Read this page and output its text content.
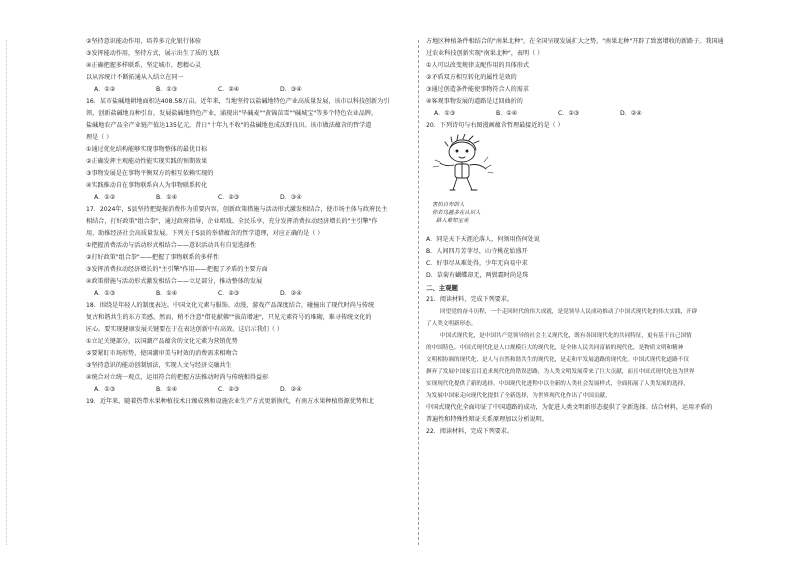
②坚持意识能动作用，培养多元化银行体验
③发挥能动作用，坚持方式，展示出生了质的飞跃
④正确把握多样联系，坚定城市、想精心灵
以从容统计不断拓通从入结立在同一
A．①②	B．①③	C．②④	D．③④
16．某市盐碱地耕地面积达408.58万亩。近年来，当地坚持以盐碱地特色产业高质量发展，该市以科技创新为引
领，创新盐碱地良种引育，发展盐碱地特色产业，涌现出"旱碱麦""黄锦苗雪""碱城宝"等多个特色农业品牌，
盐碱地农产品全产业链产值达135亿元，昔日"十年九不收"的盐碱地也成沃野良田。该市做法蕴含的哲学道
理是（ ）
①通过优化结构能够实现事物整体的最优目标
②正确发挥主观能动性能实现实践的预期效果
③事物发展是在事物平衡双方的相互依赖实现的
④实践推动自在事物联系向人为事物联系转化
A．①②	B．①④	C．②③	D．③④
17．2024年，S县坚持把提振消费作为重要内容，创新政策措施与活动形式激发相结合，使市场主体与政府民主
相结合，打好政策"组合拳"，通过政府指导，企业唱戏、全民乐享，充分发挥消费拉动经济增长的"主引擎"作
用，助推经济社会高质量发展。下列关于S县的举措蕴含的哲学道理，对应正确的是（ ）
①把握消费活动与活动形式相结合——意识活动具有自觉选择性
②打好政策"组合拳"——把握了事物联系的多样性
③发挥消费拉动经济增长的"主引擎"作用——把握了矛盾的主要方面
④政策措施与活动形式激发相结合——立足部分，推动整体的发展
A．①③	B．①④	C．②③	D．②④
18．围绕是年轻人的制度表达。中国文化元素与服饰、动漫、游戏产品深度结合，碰撞出了现代时尚与传统
复古和谐共生的东方美感。然而，稍不注意"借花献佛""拔苗增速"，只见元素符号的堆砌，难寻传统文化的
匠心。要实现健康发展关键要在于在表达创新中有高效。这启示我们（ ）
①立足关键部分，以国潮产品蕴含的文化元素为营销优势
②要紧盯市场形势，使国潮审美与时效的消费需求相吻合
③坚持意识的能动创制加法，实现人文与经济交融共生
④统合对立统一观点，运用符合的把握方法推动时尚与传统相得益彰
A．①③	B．①④	C．②③	D．②④
19．近年来，随着热带水果种植技术日臻成熟和设施农业生产方式更新换代，有南方水果种植资源优势和北
方地区种植条件相结合的"南果北种"，在全国呈现发展扩大之势。"南果北种"开辟了致富增收的新路子。我国通
过农业科技创新实现"南果北种"，表明（ ）
①人可以改变规律支配作用的具体形式
②矛盾双方相互转化的属性是效的
③通过创造条件能使事物符合人的需求
④客观事物发展的道路是迂回曲折的
A．①③	B．①④	C．②③	D．②④
20．下列诗句与右图漫画蕴含哲理最接近的是（ ）
害怕自卑的人
你若鸟越多在认识人
路人难知宝美
A．同是天下天涯沦落人，何须用伤何处说
B．人间四月芳菲尽，山寺桃花始盛开
C．好事尽从难处得，少年无向易中求
D．草菊有蝴蝶却无，两鬓霜时尚是珠
二、主观题
21．阅读材料，完成下列要求。
回望党的奋斗历程，一个走回时代的伟大成就，是党领导人民成功推动了中国式现代化的伟大实践，开辟
了人类文明新形态。
中国式现代化，是中国共产党领导的社会主义现代化，既有各国现代化的共同特征，更有基于自己国情
的中国特色。中国式现代化是人口规模巨大的现代化，是全体人民共同富裕的现代化，是物质文明和精神
文明相协调的现代化，是人与自然和谐共生的现代化，是走和平发展道路的现代化。中国式现代化道路不仅
摒弃了发展中国家盲目追求现代化的错误思路，为人类文明发展带来了巨大贡献，而且中国式现代化也为世界
实现现代化提供了新的选择。中国现代化进程中以全新的人类社会发展样式，全面拓展了人类发展的选择，
为发展中国家走向现代化提供了全新选择，为世界现代化作出了中国贡献。
中国式现代化全面印证了中国道路的成功，为促进人类文明新形态提供了全新选择。结合材料，运用矛盾的
普遍性和特殊性辩证关系原理加以分析说明。
22．阅读材料，完成下列要求。
